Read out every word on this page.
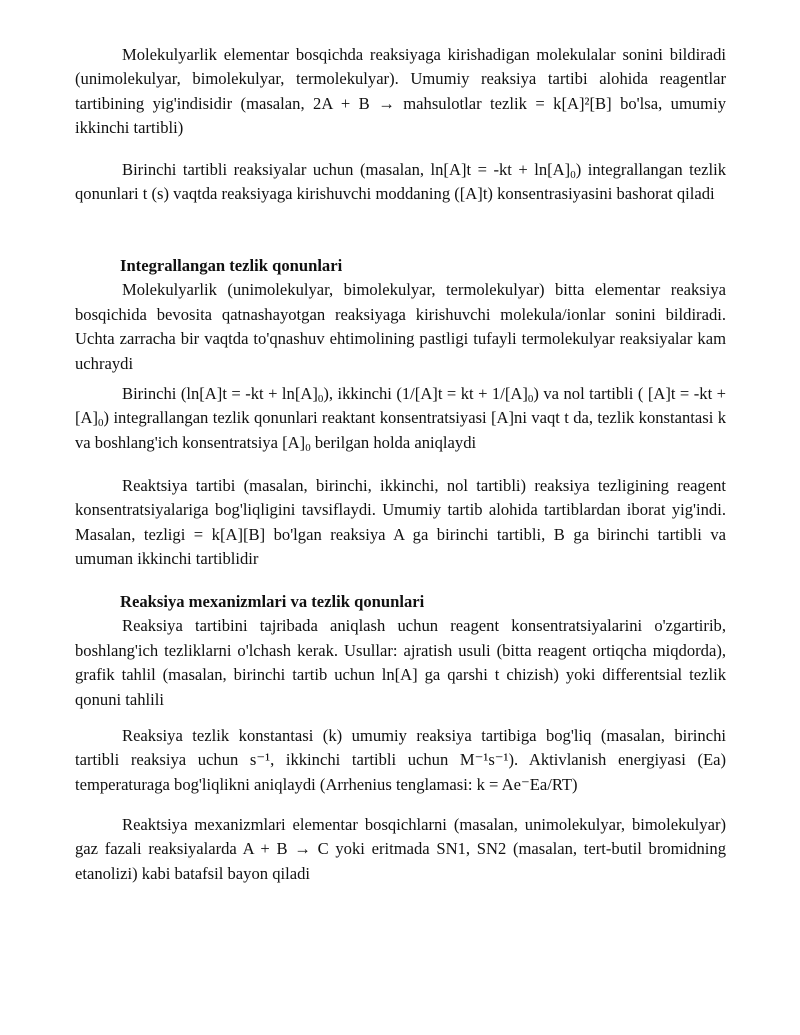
Molekulyarlik elementar bosqichda reaksiyaga kirishadigan molekulalar sonini bildiradi (unimolekulyar, bimolekulyar, termolekulyar). Umumiy reaksiya tartibi alohida reagentlar tartibining yig'indisidir (masalan, 2A + B → mahsulotlar tezlik = k[A]²[B] bo'lsa, umumiy ikkinchi tartibli)

Birinchi tartibli reaksiyalar uchun (masalan, $\ln[A]t = -kt + \ln[A]_0$) integrallangan tezlik qonunlari t (s) vaqtda reaksiyaga kirishuvchi moddaning ([A]t) konsentrasiyasini bashorat qiladi

Integrallangan tezlik qonunlari

Molekulyarlik (unimolekulyar, bimolekulyar, termolekulyar) bitta elementar reaksiya bosqichida bevosita qatnashayotgan reaksiyaga kirishuvchi molekula/ionlar sonini bildiradi. Uchta zarracha bir vaqtda to'qnashuv ehtimolining pastligi tufayli termolekulyar reaksiyalar kam uchraydi

Birinchi $(\ln[A]t = -kt + \ln[A]_0)$, ikkinchi (1/[A]t = kt + $1/[A]_0$) va nol tartibli ( $[A]t = -kt + [A]_0$) integrallangan tezlik qonunlari reaktant konsentratsiyasi [A]ni vaqt t da, tezlik konstantasi k va boshlang'ich konsentratsiya $[A]_0$ berilgan holda aniqlaydi

Reaktsiya tartibi (masalan, birinchi, ikkinchi, nol tartibli) reaksiya tezligining reagent konsentratsiyalariga bog'liqligini tavsiflaydi. Umumiy tartib alohida tartiblardan iborat yig'indi. Masalan, tezligi = k[A][B] bo'lgan reaksiya A ga birinchi tartibli, B ga birinchi tartibli va umuman ikkinchi tartiblidir

Reaksiya mexanizmlari va tezlik qonunlari

Reaksiya tartibini tajribada aniqlash uchun reagent konsentratsiyalarini o'zgartirib, boshlang'ich tezliklarni o'lchash kerak. Usullar: ajratish usuli (bitta reagent ortiqcha miqdorda), grafik tahlil (masalan, birinchi tartib uchun ln[A] ga qarshi t chizish) yoki differentsial tezlik qonuni tahlili

Reaksiya tezlik konstantasi (k) umumiy reaksiya tartibiga bog'liq (masalan, birinchi tartibli reaksiya uchun s⁻¹, ikkinchi tartibli uchun M⁻¹s⁻¹). Aktivlanish energiyasi (Ea) temperaturaga bog'liqlikni aniqlaydi (Arrhenius tenglamasi: k = Ae⁻Ea/RT)

Reaktsiya mexanizmlari elementar bosqichlarni (masalan, unimolekulyar, bimolekulyar) gaz fazali reaksiyalarda A + B → C yoki eritmada SN1, SN2 (masalan, tert-butil bromidning etanolizi) kabi batafsil bayon qiladi
